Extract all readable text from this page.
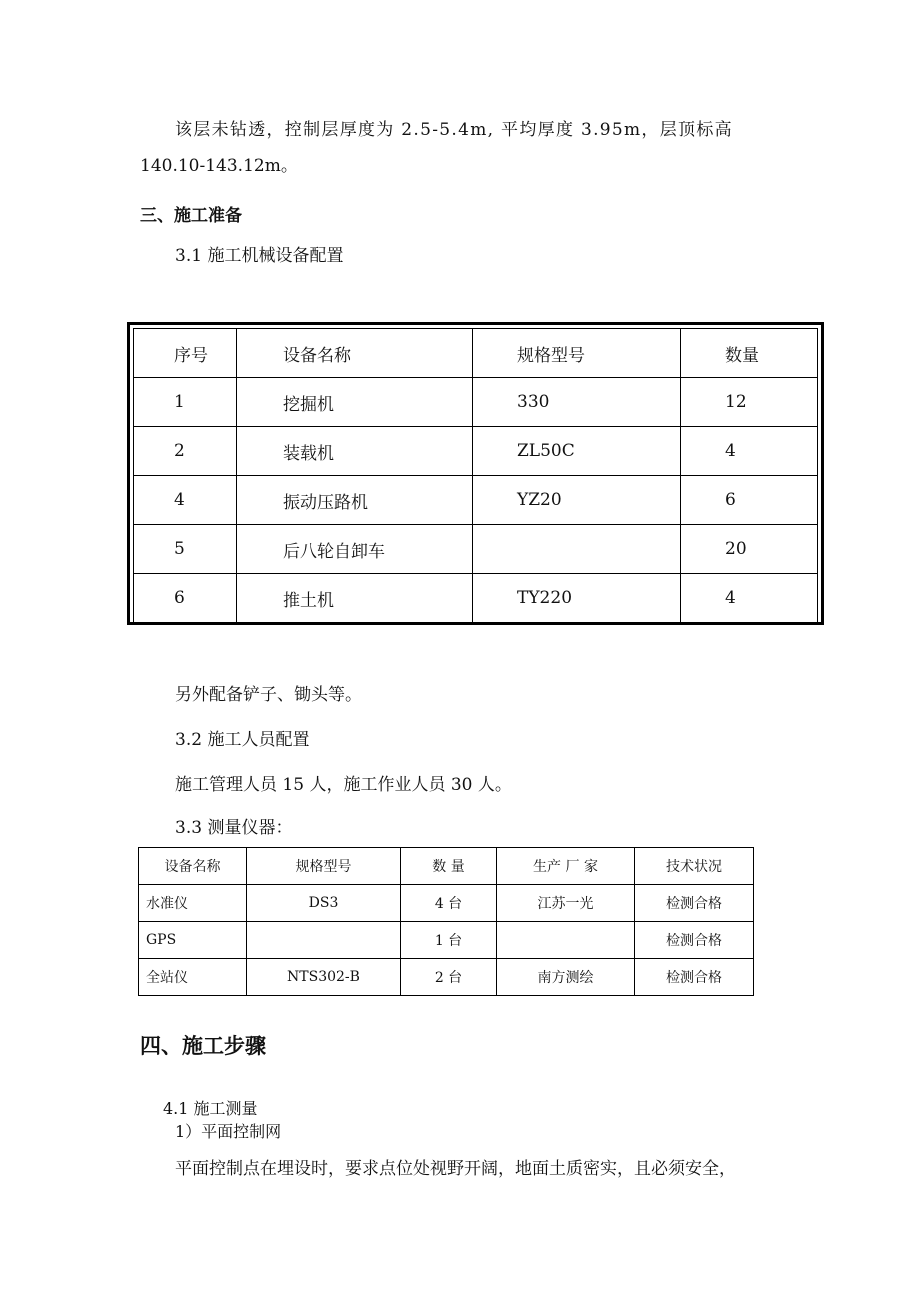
该层未钻透，控制层厚度为 2.5-5.4m, 平均厚度 3.95m，层顶标高
140.10-143.12m。
三、施工准备
3.1 施工机械设备配置
序号	设备名称	规格型号	数量
1	挖掘机	330	12
2	装载机	ZL50C	4
4	振动压路机	YZ20	6
5	后八轮自卸车		20
6	推土机	TY220	4
另外配备铲子、锄头等。
3.2 施工人员配置
施工管理人员 15 人，施工作业人员 30 人。
3.3 测量仪器：
设备名称	规格型号	数 量	生产 厂 家	技术状况
水准仪	DS3	4 台	江苏一光	检测合格
GPS		1 台		检测合格
全站仪	NTS302-B	2 台	南方测绘	检测合格
四、施工步骤
4.1 施工测量
1）平面控制网
平面控制点在埋设时，要求点位处视野开阔，地面土质密实，且必须安全，
